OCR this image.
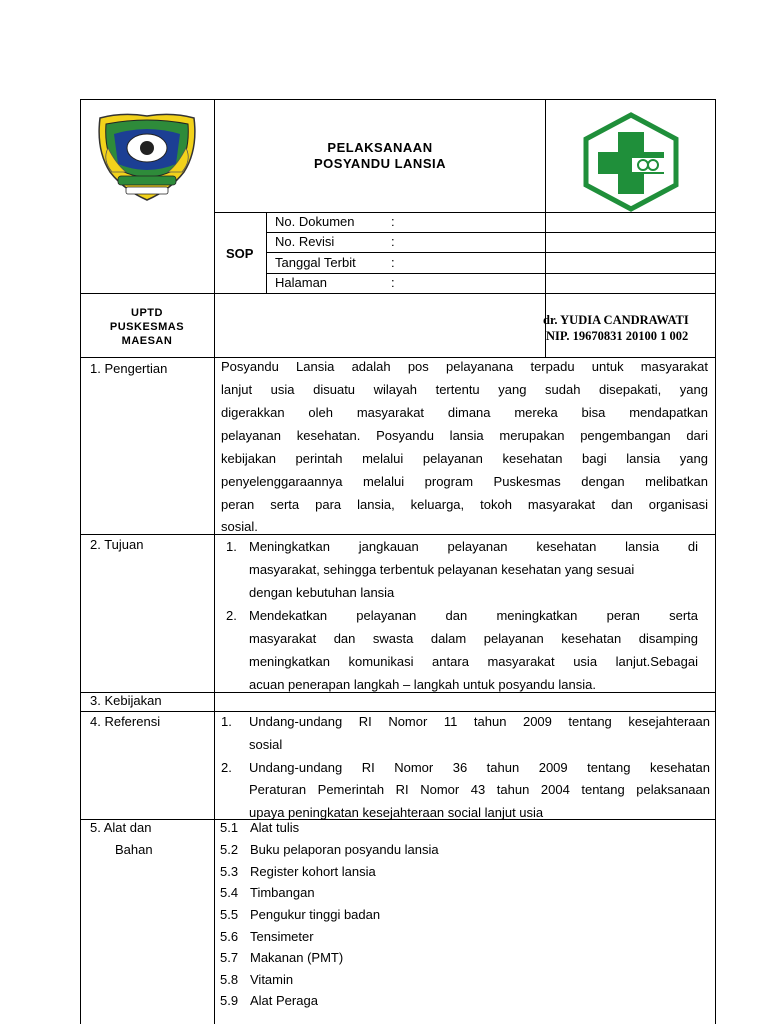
PELAKSANAAN
POSYANDU LANSIA
SOP
No. Dokumen	:
No. Revisi	:
Tanggal Terbit	:
Halaman	:
UPTD
PUSKESMAS
MAESAN
dr. YUDIA CANDRAWATI
NIP. 19670831 20100 1 002
1. Pengertian	Posyandu Lansia adalah pos pelayanana terpadu untuk masyarakat
lanjut usia disuatu wilayah tertentu yang sudah disepakati, yang
digerakkan oleh masyarakat dimana mereka bisa mendapatkan
pelayanan kesehatan. Posyandu lansia merupakan pengembangan dari
kebijakan perintah melalui pelayanan kesehatan bagi lansia yang
penyelenggaraannya melalui program Puskesmas dengan melibatkan
peran serta para lansia, keluarga, tokoh masyarakat dan organisasi
sosial.
2. Tujuan	1. Meningkatkan jangkauan pelayanan kesehatan lansia di
masyarakat, sehingga terbentuk pelayanan kesehatan yang sesuai
dengan kebutuhan lansia
2. Mendekatkan pelayanan dan meningkatkan peran serta
masyarakat dan swasta dalam pelayanan kesehatan disamping
meningkatkan komunikasi antara masyarakat usia lanjut.Sebagai
acuan penerapan langkah – langkah untuk posyandu lansia.
3. Kebijakan
4. Referensi	1. Undang-undang RI Nomor 11 tahun 2009 tentang kesejahteraan
sosial
2. Undang-undang RI Nomor 36 tahun 2009 tentang kesehatan
Peraturan Pemerintah RI Nomor 43 tahun 2004 tentang pelaksanaan
upaya peningkatan kesejahteraan social lanjut usia
5. Alat dan
Bahan
5.1 Alat tulis
5.2 Buku pelaporan posyandu lansia
5.3 Register kohort lansia
5.4 Timbangan
5.5 Pengukur tinggi badan
5.6 Tensimeter
5.7 Makanan (PMT)
5.8 Vitamin
5.9 Alat Peraga
